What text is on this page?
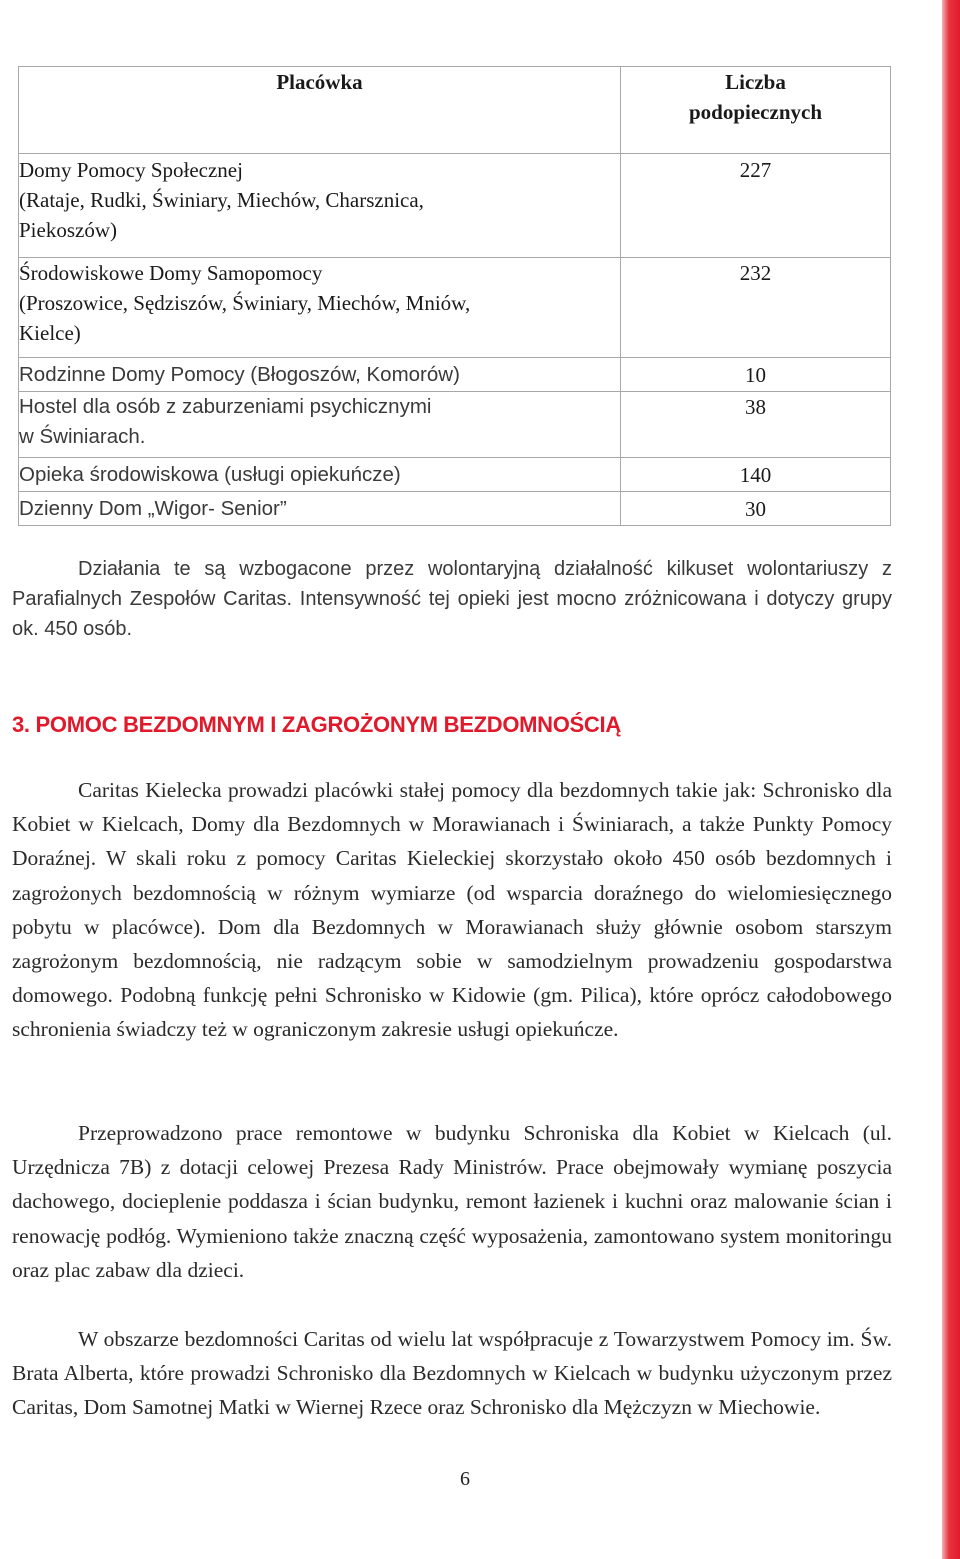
Placówka	Liczba
podopiecznych

Domy Pomocy Społecznej
(Rataje, Rudki, Świniary, Miechów, Charsznica,
Piekoszów)	227

Środowiskowe Domy Samopomocy
(Proszowice, Sędziszów, Świniary, Miechów, Mniów,
Kielce)	232

Rodzinne Domy Pomocy (Błogoszów, Komorów)	10

Hostel dla osób z zaburzeniami psychicznymi
w Świniarach.	38

Opieka środowiskowa (usługi opiekuńcze)	140

Dzienny Dom „Wigor- Senior”	30

Działania te są wzbogacone przez wolontaryjną działalność kilkuset wolontariuszy z Parafialnych Zespołów Caritas. Intensywność tej opieki jest mocno zróżnicowana i dotyczy grupy ok. 450 osób.

3. POMOC BEZDOMNYM I ZAGROŻONYM BEZDOMNOŚCIĄ

Caritas Kielecka prowadzi placówki stałej pomocy dla bezdomnych takie jak: Schronisko dla Kobiet w Kielcach, Domy dla Bezdomnych w Morawianach i Świniarach, a także Punkty Pomocy Doraźnej. W skali roku z pomocy Caritas Kieleckiej skorzystało około 450 osób bezdomnych i zagrożonych bezdomnością w różnym wymiarze (od wsparcia doraźnego do wielomiesięcznego pobytu w placówce). Dom dla Bezdomnych w Morawianach służy głównie osobom starszym zagrożonym bezdomnością, nie radzącym sobie w samodzielnym prowadzeniu gospodarstwa domowego. Podobną funkcję pełni Schronisko w Kidowie (gm. Pilica), które oprócz całodobowego schronienia świadczy też w ograniczonym zakresie usługi opiekuńcze.

Przeprowadzono prace remontowe w budynku Schroniska dla Kobiet w Kielcach (ul. Urzędnicza 7B) z dotacji celowej Prezesa Rady Ministrów. Prace obejmowały wymianę poszycia dachowego, docieplenie poddasza i ścian budynku, remont łazienek i kuchni oraz malowanie ścian i renowację podłóg. Wymieniono także znaczną część wyposażenia, zamontowano system monitoringu oraz plac zabaw dla dzieci.

W obszarze bezdomności Caritas od wielu lat współpracuje z Towarzystwem Pomocy im. Św. Brata Alberta, które prowadzi Schronisko dla Bezdomnych w Kielcach w budynku użyczonym przez Caritas, Dom Samotnej Matki w Wiernej Rzece oraz Schronisko dla Mężczyzn w Miechowie.

6
